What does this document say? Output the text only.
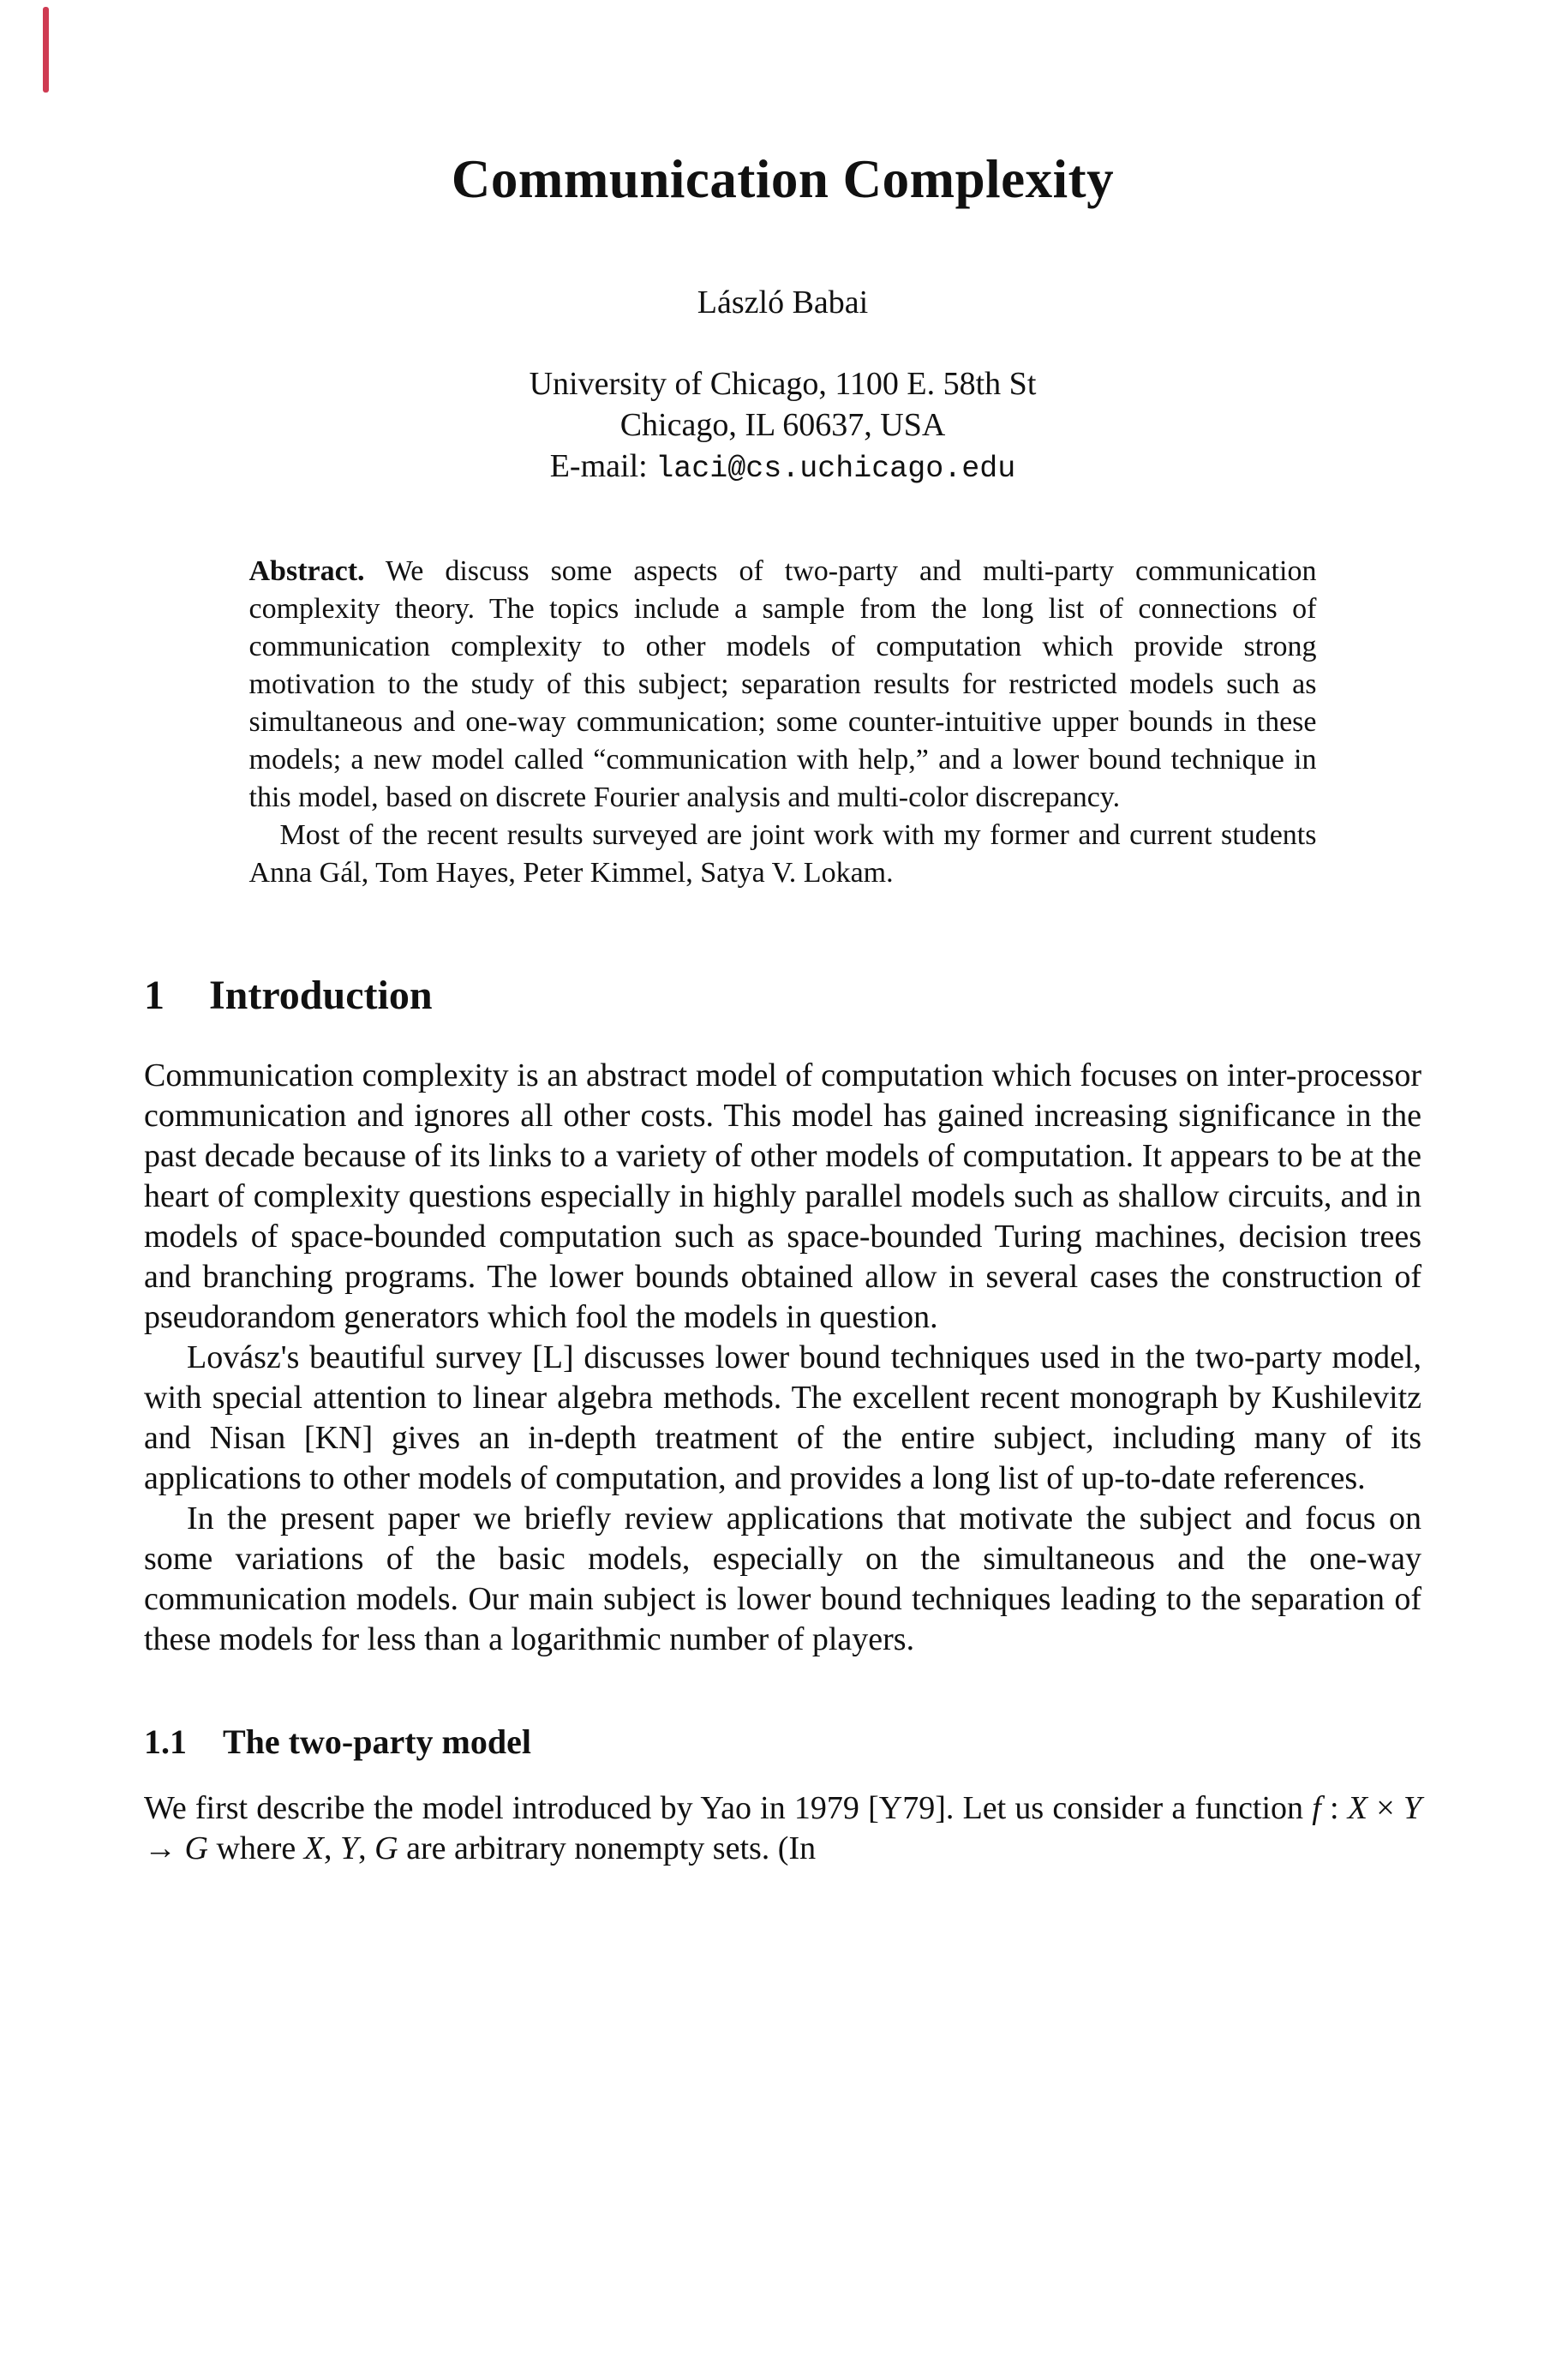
Communication Complexity
László Babai
University of Chicago, 1100 E. 58th St
Chicago, IL 60637, USA
E-mail: laci@cs.uchicago.edu

Abstract. We discuss some aspects of two-party and multi-party communication complexity theory. The topics include a sample from the long list of connections of communication complexity to other models of computation which provide strong motivation to the study of this subject; separation results for restricted models such as simultaneous and one-way communication; some counter-intuitive upper bounds in these models; a new model called “communication with help,” and a lower bound technique in this model, based on discrete Fourier analysis and multi-color discrepancy.

Most of the recent results surveyed are joint work with my former and current students Anna Gál, Tom Hayes, Peter Kimmel, Satya V. Lokam.

1 Introduction

Communication complexity is an abstract model of computation which focuses on inter-processor communication and ignores all other costs. This model has gained increasing significance in the past decade because of its links to a variety of other models of computation. It appears to be at the heart of complexity questions especially in highly parallel models such as shallow circuits, and in models of space-bounded computation such as space-bounded Turing machines, decision trees and branching programs. The lower bounds obtained allow in several cases the construction of pseudorandom generators which fool the models in question.

Lovász's beautiful survey [L] discusses lower bound techniques used in the two-party model, with special attention to linear algebra methods. The excellent recent monograph by Kushilevitz and Nisan [KN] gives an in-depth treatment of the entire subject, including many of its applications to other models of computation, and provides a long list of up-to-date references.

In the present paper we briefly review applications that motivate the subject and focus on some variations of the basic models, especially on the simultaneous and the one-way communication models. Our main subject is lower bound techniques leading to the separation of these models for less than a logarithmic number of players.

1.1 The two-party model

We first describe the model introduced by Yao in 1979 [Y79]. Let us consider a function f : X × Y → G where X, Y, G are arbitrary nonempty sets. (In
